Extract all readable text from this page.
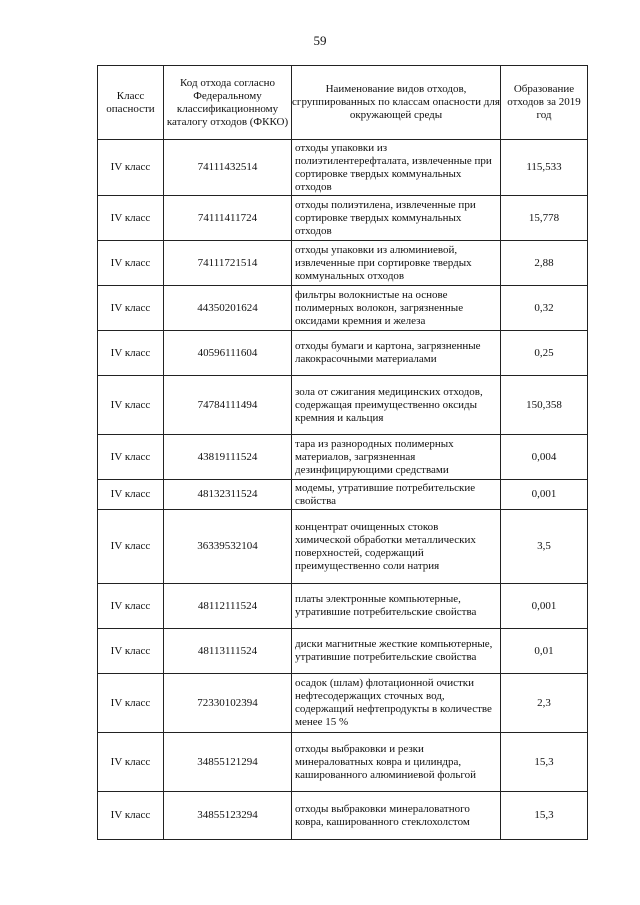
59
Класс опасности	Код отхода согласно Федеральному классификационному каталогу отходов (ФККО)	Наименование видов отходов, сгруппированных по классам опасности для окружающей среды	Образование отходов за 2019 год
IV класс	74111432514	отходы упаковки из полиэтилентерефталата, извлеченные при сортировке твердых коммунальных отходов	115,533
IV класс	74111411724	отходы полиэтилена, извлеченные при сортировке твердых коммунальных отходов	15,778
IV класс	74111721514	отходы упаковки из алюминиевой, извлеченные при сортировке твердых коммунальных отходов	2,88
IV класс	44350201624	фильтры волокнистые на основе полимерных волокон, загрязненные оксидами кремния и железа	0,32
IV класс	40596111604	отходы бумаги и картона, загрязненные лакокрасочными материалами	0,25
IV класс	74784111494	зола от сжигания медицинских отходов, содержащая преимущественно оксиды кремния и кальция	150,358
IV класс	43819111524	тара из разнородных полимерных материалов, загрязненная дезинфицирующими средствами	0,004
IV класс	48132311524	модемы, утратившие потребительские свойства	0,001
IV класс	36339532104	концентрат очищенных стоков химической обработки металлических поверхностей, содержащий преимущественно соли натрия	3,5
IV класс	48112111524	платы электронные компьютерные, утратившие потребительские свойства	0,001
IV класс	48113111524	диски магнитные жесткие компьютерные, утратившие потребительские свойства	0,01
IV класс	72330102394	осадок (шлам) флотационной очистки нефтесодержащих сточных вод, содержащий нефтепродукты в количестве менее 15 %	2,3
IV класс	34855121294	отходы выбраковки и резки минераловатных ковра и цилиндра, кашированного алюминиевой фольгой	15,3
IV класс	34855123294	отходы выбраковки минераловатного ковра, кашированного стеклохолстом	15,3
